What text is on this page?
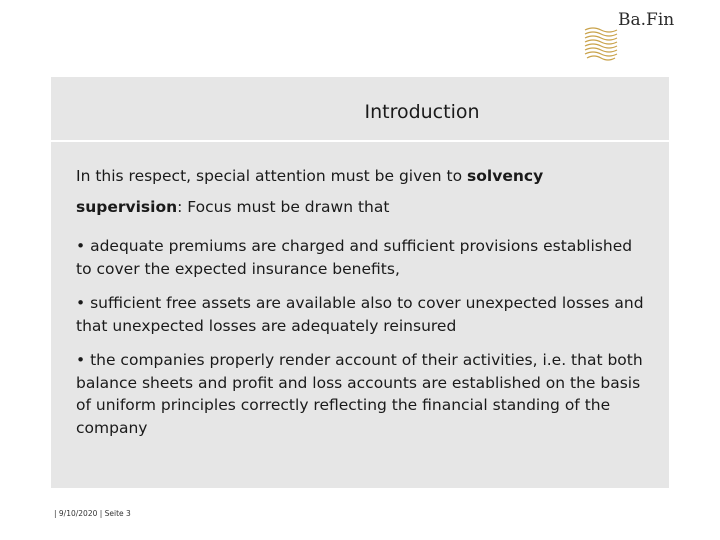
Ba.Fin
Introduction

In this respect, special attention must be given to solvency supervision: Focus must be drawn that

• adequate premiums are charged and sufficient provisions established to cover the expected insurance benefits,

• sufficient free assets are available also to cover unexpected losses and that unexpected losses are adequately reinsured

• the companies properly render account of their activities, i.e. that both balance sheets and profit and loss accounts are established on the basis of uniform principles correctly reflecting the financial standing of the company

| 9/10/2020 | Seite 3
